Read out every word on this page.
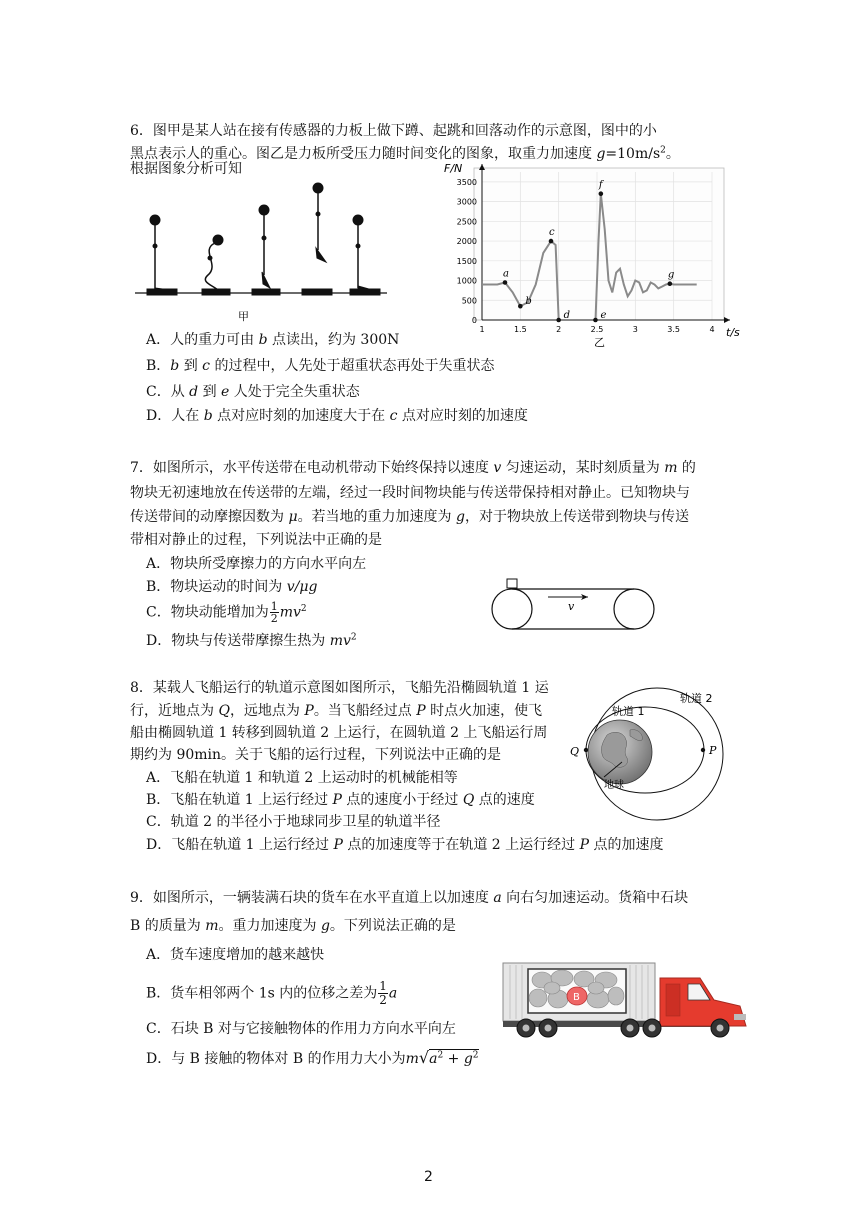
6．图甲是某人站在接有传感器的力板上做下蹲、起跳和回落动作的示意图，图中的小
黑点表示人的重心。图乙是力板所受压力随时间变化的图象，取重力加速度 $g=10m/s^2$。
根据图象分析可知
甲	0
500
1000
1500
2000
2500
3000
3500
1	1.5	2	2.5	3	3.5	4
a
b
c
d	e
f
g
F/N
t/s
乙
A．人的重力可由 b 点读出，约为 300N
B．b 到 c 的过程中，人先处于超重状态再处于失重状态
C．从 d 到 e 人处于完全失重状态
D．人在 b 点对应时刻的加速度大于在 c 点对应时刻的加速度
7．如图所示，水平传送带在电动机带动下始终保持以速度 v 匀速运动，某时刻质量为 m 的
物块无初速地放在传送带的左端，经过一段时间物块能与传送带保持相对静止。已知物块与
传送带间的动摩擦因数为 μ。若当地的重力加速度为 g，对于物块放上传送带到物块与传送
带相对静止的过程，下列说法中正确的是
A．物块所受摩擦力的方向水平向左
B．物块运动的时间为 v/μg
C．物块动能增加为 $\frac{1}{2} mv^2$
D．物块与传送带摩擦生热为 $mv^2$
v
8．某载人飞船运行的轨道示意图如图所示，飞船先沿椭圆轨道 1 运
行，近地点为 Q，远地点为 P。当飞船经过点 P 时点火加速，使飞
船由椭圆轨道 1 转移到圆轨道 2 上运行，在圆轨道 2 上飞船运行周
期约为 90min。关于飞船的运行过程，下列说法中正确的是
A．飞船在轨道 1 和轨道 2 上运动时的机械能相等
B．飞船在轨道 1 上运行经过 P 点的速度小于经过 Q 点的速度
C．轨道 2 的半径小于地球同步卫星的轨道半径
D．飞船在轨道 1 上运行经过 P 点的加速度等于在轨道 2 上运行经过 P 点的加速度
轨道 2
轨道 1
Q	P
地球
9．如图所示，一辆装满石块的货车在水平直道上以加速度 a 向右匀加速运动。货箱中石块
B 的质量为 m。重力加速度为 g。下列说法正确的是
A．货车速度增加的越来越快
B．货车相邻两个 1s 内的位移之差为 $\frac{1}{2}$ a
C．石块 B 对与它接触物体的作用力方向水平向左
D．与 B 接触的物体对 B 的作用力大小为$m√a^2 + g^2$
B
2
